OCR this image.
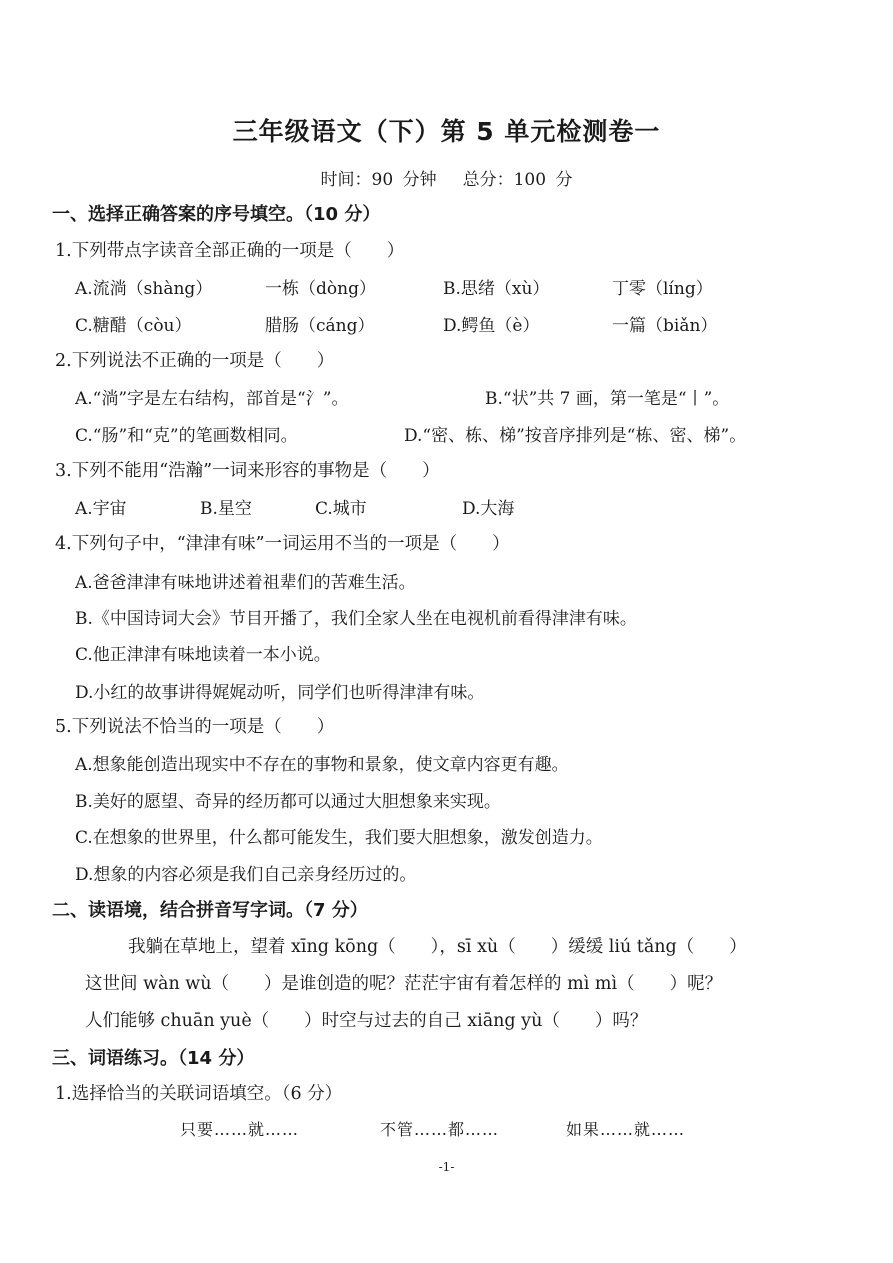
三年级语文（下）第 5 单元检测卷一
时间：90 分钟 总分：100 分
一、选择正确答案的序号填空。（10 分）
1.下列带点字读音全部正确的一项是（　　）
A.流淌（shàng）	一栋（dòng）	B.思绪（xù）	丁零（líng）
C.糖醋（còu）	腊肠（cáng）	D.鳄鱼（è）	一篇（biǎn）
2.下列说法不正确的一项是（　　）
A.“淌”字是左右结构，部首是“氵”。	B.“状”共 7 画，第一笔是“丨”。
C.“肠”和“克”的笔画数相同。	D.“密、栋、梯”按音序排列是“栋、密、梯”。
3.下列不能用“浩瀚”一词来形容的事物是（　　）
A.宇宙	B.星空	C.城市	D.大海
4.下列句子中，“津津有味”一词运用不当的一项是（　　）
A.爸爸津津有味地讲述着祖辈们的苦难生活。
B.《中国诗词大会》节目开播了，我们全家人坐在电视机前看得津津有味。
C.他正津津有味地读着一本小说。
D.小红的故事讲得娓娓动听，同学们也听得津津有味。
5.下列说法不恰当的一项是（　　）
A.想象能创造出现实中不存在的事物和景象，使文章内容更有趣。
B.美好的愿望、奇异的经历都可以通过大胆想象来实现。
C.在想象的世界里，什么都可能发生，我们要大胆想象，激发创造力。
D.想象的内容必须是我们自己亲身经历过的。
二、读语境，结合拼音写字词。（7 分）
我躺在草地上，望着 xīng kōng（　　），sī xù（　　）缓缓 liú tǎng（　　）
这世间 wàn wù（　　）是谁创造的呢？茫茫宇宙有着怎样的 mì mì（　　）呢？
人们能够 chuān yuè（　　）时空与过去的自己 xiāng yù（　　）吗？
三、词语练习。（14 分）
1.选择恰当的关联词语填空。（6 分）
只要……就……	不管……都……	如果……就……
-1-
